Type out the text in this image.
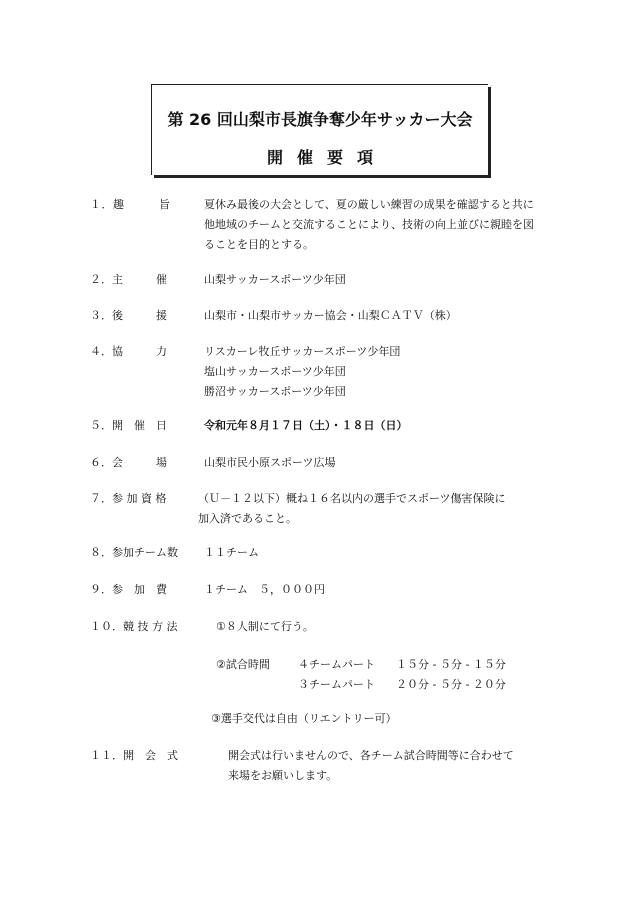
第 26 回山梨市長旗争奪少年サッカー大会
開催要項
１．趣　　　旨	夏休み最後の大会として、夏の厳しい練習の成果を確認すると共に
他地域のチームと交流することにより、技術の向上並びに親睦を図
ることを目的とする。
２．主　　　催	山梨サッカースポーツ少年団
３．後　　　援	山梨市・山梨市サッカー協会・山梨ＣＡＴＶ（株）
４．協　　　力	リスカーレ牧丘サッカースポーツ少年団
塩山サッカースポーツ少年団
勝沼サッカースポーツ少年団
５．開　催　日	令和元年８月１７日（土）・１８日（日）
６．会　　　場	山梨市民小原スポーツ広場
７．参 加 資 格	（Ｕ－１２以下）概ね１６名以内の選手でスポーツ傷害保険に
加入済であること。
８．参加チーム数 １１チーム
９．参　加　費	１チーム　５，０００円
１０．競 技 方 法	①８人制にて行う。
②試合時間	４チームパート １５分 - ５分 - １５分
３チームパート ２０分 - ５分 - ２０分
③選手交代は自由（リエントリー可）
１１．開　会　式	開会式は行いませんので、各チーム試合時間等に合わせて
来場をお願いします。
